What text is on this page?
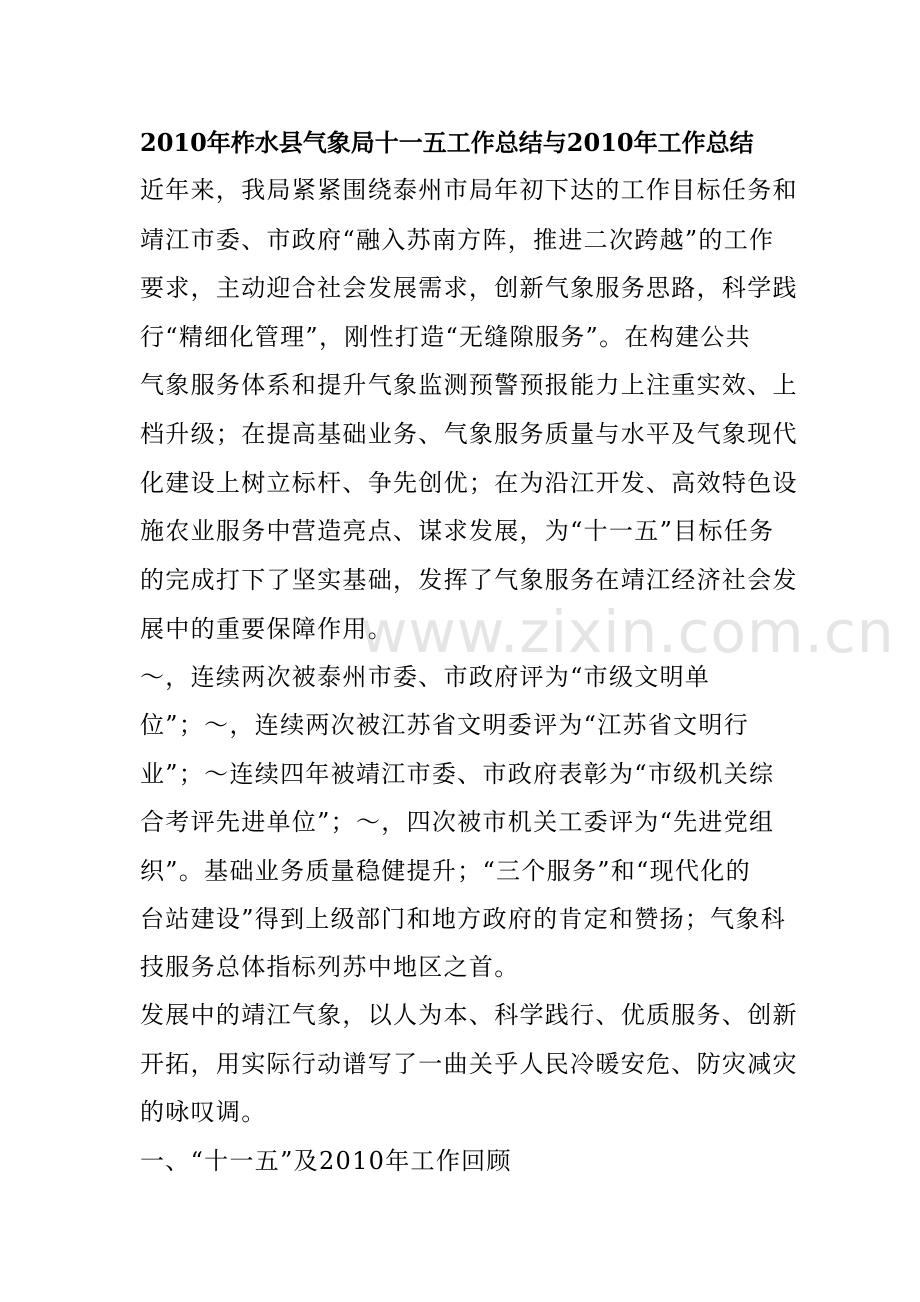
2010年柞水县气象局十一五工作总结与2010年工作总结
近年来，我局紧紧围绕泰州市局年初下达的工作目标任务和
靖江市委、市政府“融入苏南方阵，推进二次跨越”的工作
要求，主动迎合社会发展需求，创新气象服务思路，科学践
行“精细化管理”，刚性打造“无缝隙服务”。在构建公共
气象服务体系和提升气象监测预警预报能力上注重实效、上
档升级；在提高基础业务、气象服务质量与水平及气象现代
化建设上树立标杆、争先创优；在为沿江开发、高效特色设
施农业服务中营造亮点、谋求发展，为“十一五”目标任务
的完成打下了坚实基础，发挥了气象服务在靖江经济社会发
展中的重要保障作用。
～，连续两次被泰州市委、市政府评为“市级文明单
位”；～，连续两次被江苏省文明委评为“江苏省文明行
业”；～连续四年被靖江市委、市政府表彰为“市级机关综
合考评先进单位”；～，四次被市机关工委评为“先进党组
织”。基础业务质量稳健提升；“三个服务”和“现代化的
台站建设”得到上级部门和地方政府的肯定和赞扬；气象科
技服务总体指标列苏中地区之首。
发展中的靖江气象，以人为本、科学践行、优质服务、创新
开拓，用实际行动谱写了一曲关乎人民冷暖安危、防灾减灾
的咏叹调。
一、“十一五”及2010年工作回顾
www.zixin.com.cn
